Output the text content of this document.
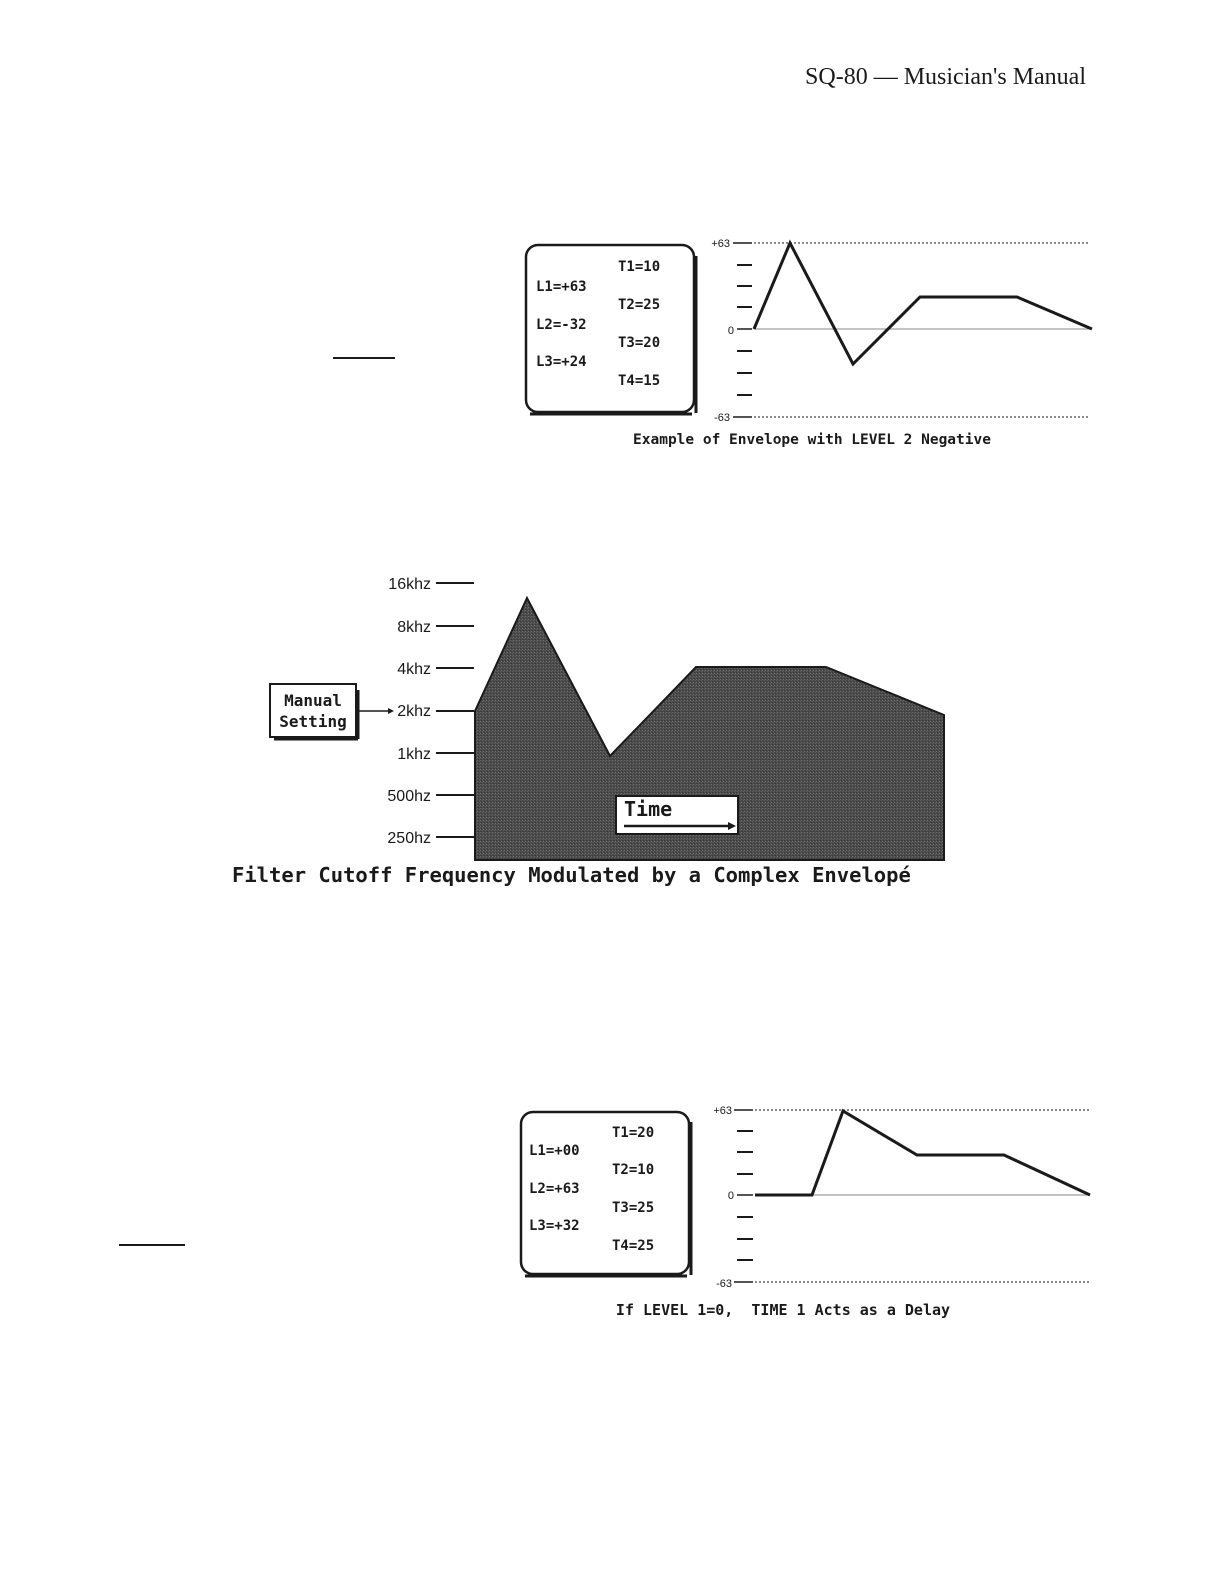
SQ-80 — Musician's Manual
T1=10
L1=+63
T2=25
L2=-32
T3=20
L3=+24
T4=15
+63
0
-63
Example of Envelope with LEVEL 2 Negative
16khz
8khz
4khz
2khz
1khz
500hz
250hz
Manual
Setting
Time
Filter Cutoff Frequency Modulated by a Complex Envelopé
T1=20
L1=+00
T2=10
L2=+63
T3=25
L3=+32
T4=25
+63
0
-63
If LEVEL 1=0,  TIME 1 Acts as a Delay
